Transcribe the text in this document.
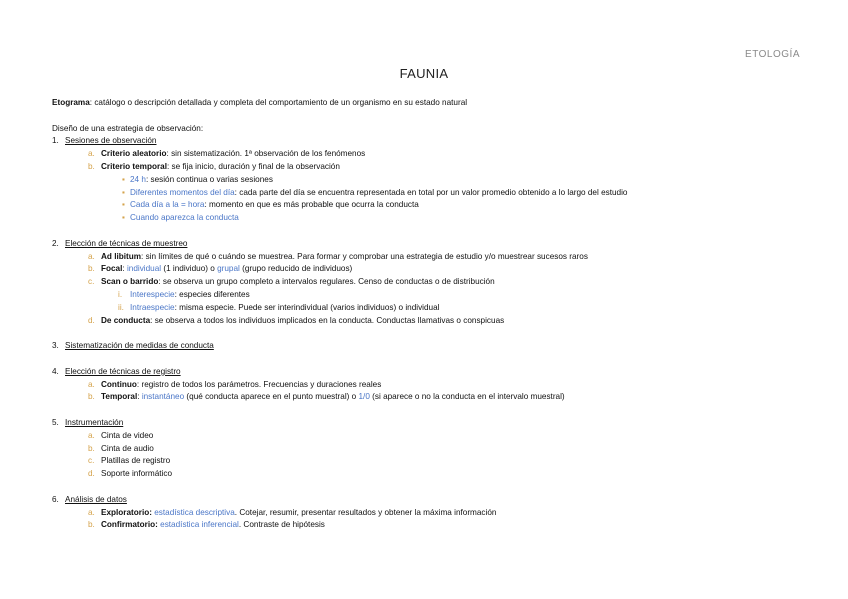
ETOLOGÍA
FAUNIA
Etograma: catálogo o descripción detallada y completa del comportamiento de un organismo en su estado natural
Diseño de una estrategia de observación:
1. Sesiones de observación
a. Criterio aleatorio: sin sistematización. 1ª observación de los fenómenos
b. Criterio temporal: se fija inicio, duración y final de la observación
▪ 24 h: sesión continua o varias sesiones
▪ Diferentes momentos del día: cada parte del día se encuentra representada en total por un valor promedio obtenido a lo largo del estudio
▪ Cada día a la = hora: momento en que es más probable que ocurra la conducta
▪ Cuando aparezca la conducta
2. Elección de técnicas de muestreo
a. Ad libitum: sin límites de qué o cuándo se muestrea. Para formar y comprobar una estrategia de estudio y/o muestrear sucesos raros
b. Focal: individual (1 individuo) o grupal (grupo reducido de individuos)
c. Scan o barrido: se observa un grupo completo a intervalos regulares. Censo de conductas o de distribución
i. Interespecie: especies diferentes
ii. Intraespecie: misma especie. Puede ser interindividual (varios individuos) o individual
d. De conducta: se observa a todos los individuos implicados en la conducta. Conductas llamativas o conspicuas
3. Sistematización de medidas de conducta
4. Elección de técnicas de registro
a. Continuo: registro de todos los parámetros. Frecuencias y duraciones reales
b. Temporal: instantáneo (qué conducta aparece en el punto muestral) o 1/0 (si aparece o no la conducta en el intervalo muestral)
5. Instrumentación
a. Cinta de video
b. Cinta de audio
c. Platillas de registro
d. Soporte informático
6. Análisis de datos
a. Exploratorio: estadística descriptiva. Cotejar, resumir, presentar resultados y obtener la máxima información
b. Confirmatorio: estadística inferencial. Contraste de hipótesis
